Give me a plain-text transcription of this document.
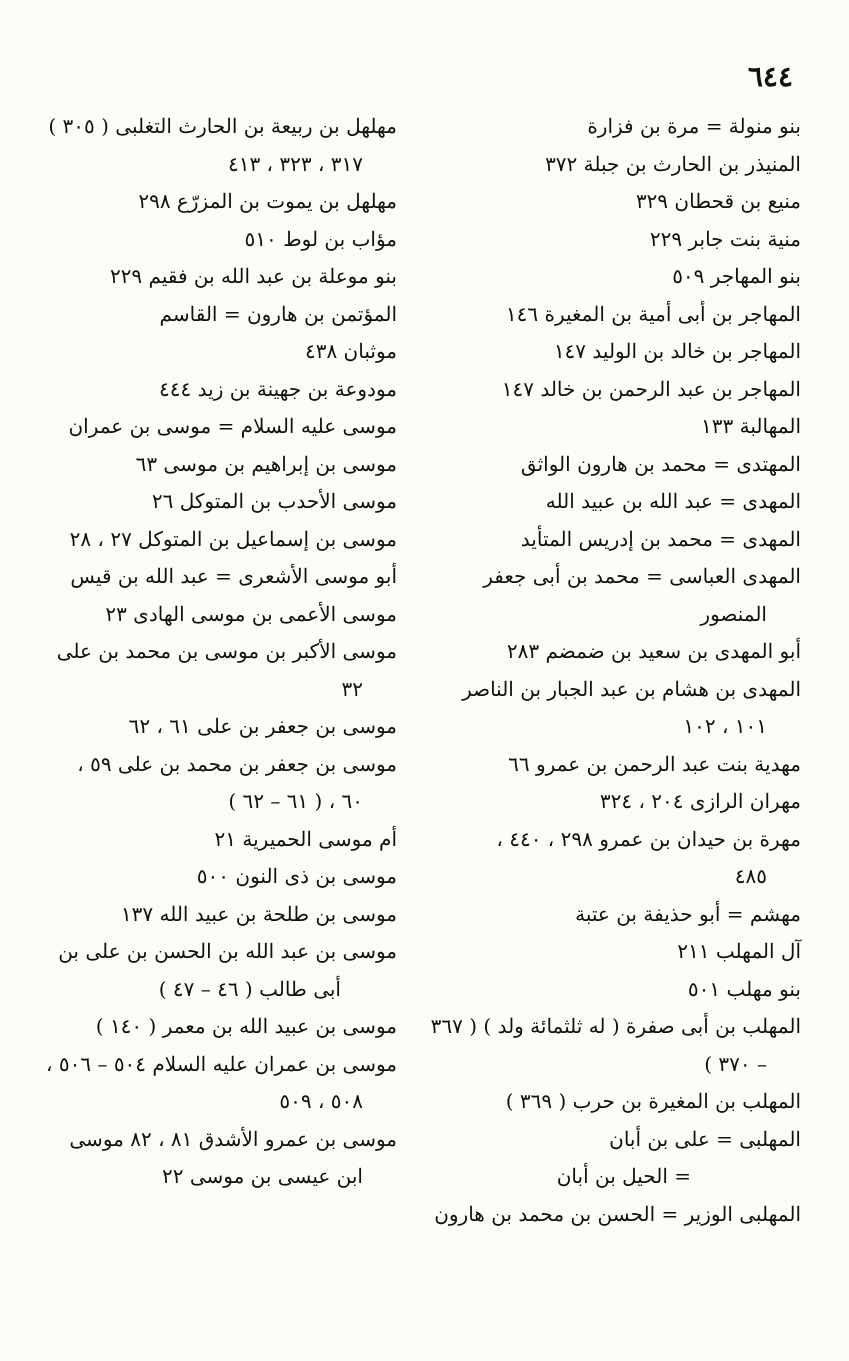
٦٤٤

بنو منولة = مرة بن فزارة

المنيذر بن الحارث بن جبلة ٣٧٢

منيع بن قحطان ٣٢٩

منية بنت جابر ٢٢٩

بنو المهاجر ٥٠٩

المهاجر بن أبى أمية بن المغيرة ١٤٦

المهاجر بن خالد بن الوليد ١٤٧

المهاجر بن عبد الرحمن بن خالد ١٤٧

المهالبة ١٣٣

المهتدى = محمد بن هارون الواثق

المهدى = عبد الله بن عبيد الله

المهدى = محمد بن إدريس المتأيد

المهدى العباسى = محمد بن أبى جعفر
المنصور

أبو المهدى بن سعيد بن ضمضم ٢٨٣

المهدى بن هشام بن عبد الجبار بن الناصر
١٠١ ، ١٠٢

مهدية بنت عبد الرحمن بن عمرو ٦٦

مهران الرازى ٢٠٤ ، ٣٢٤

مهرة بن حيدان بن عمرو ٢٩٨ ، ٤٤٠ ،
٤٨٥

مهشم = أبو حذيفة بن عتبة

آل المهلب ٢١١

بنو مهلب ٥٠١

المهلب بن أبى صفرة ( له ثلثمائة ولد ) ( ٣٦٧
– ٣٧٠ )

المهلب بن المغيرة بن حرب ( ٣٦٩ )

المهلبى = على بن أبان

= الحيل بن أبان

المهلبى الوزير = الحسن بن محمد بن هارون

مهلهل بن ربيعة بن الحارث التغلبى ( ٣٠٥ )
٣١٧ ، ٣٢٣ ، ٤١٣

مهلهل بن يموت بن المزرّع ٢٩٨

مؤاب بن لوط ٥١٠

بنو موعلة بن عبد الله بن فقيم ٢٢٩

المؤتمن بن هارون = القاسم

موثبان ٤٣٨

مودوعة بن جهينة بن زيد ٤٤٤

موسى عليه السلام = موسى بن عمران

موسى بن إبراهيم بن موسى ٦٣

موسى الأحدب بن المتوكل ٢٦

موسى بن إسماعيل بن المتوكل ٢٧ ، ٢٨

أبو موسى الأشعرى = عبد الله بن قيس

موسى الأعمى بن موسى الهادى ٢٣

موسى الأكبر بن موسى بن محمد بن على
٣٢

موسى بن جعفر بن على ٦١ ، ٦٢

موسى بن جعفر بن محمد بن على ٥٩ ،
٦٠ ، ( ٦١ – ٦٢ )

أم موسى الحميرية ٢١

موسى بن ذى النون ٥٠٠

موسى بن طلحة بن عبيد الله ١٣٧

موسى بن عبد الله بن الحسن بن على بن
أبى طالب ( ٤٦ – ٤٧ )

موسى بن عبيد الله بن معمر ( ١٤٠ )

موسى بن عمران عليه السلام ٥٠٤ – ٥٠٦ ،
٥٠٨ ، ٥٠٩

موسى بن عمرو الأشدق ٨١ ، ٨٢ موسى
ابن عيسى بن موسى ٢٢
